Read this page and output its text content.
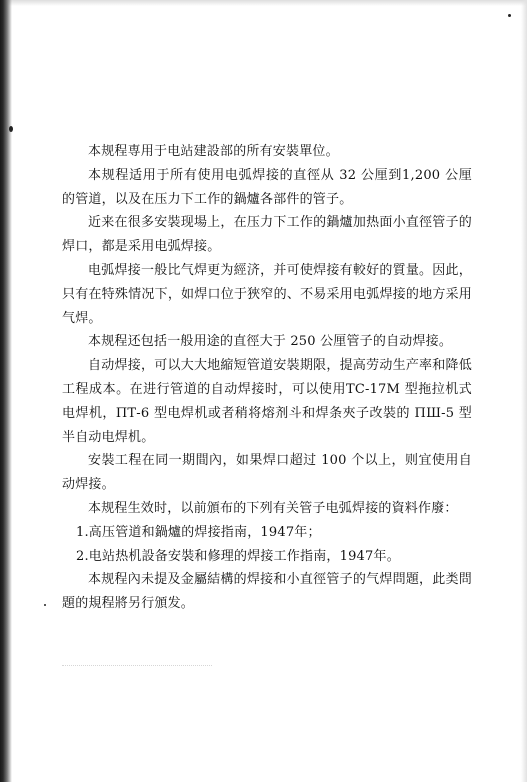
本规程専用于电站建設部的所有安裝單位。

本规程适用于所有使用电弧焊接的直徑从 32 公厘到1,200 公厘的管道，以及在压力下工作的鍋爐各部件的管子。

近来在很多安裝现場上，在压力下工作的鍋爐加热面小直徑管子的焊口，都是采用电弧焊接。

电弧焊接一般比气焊更为經济，并可使焊接有較好的質量。因此，只有在特殊情况下，如焊口位于狹窄的、不易采用电弧焊接的地方采用气焊。

本规程还包括一般用途的直徑大于 250 公厘管子的自动焊接。

自动焊接，可以大大地縮短管道安裝期限，提高劳动生产率和降低工程成本。在进行管道的自动焊接时，可以使用TC-17M 型拖拉机式电焊机，ПТ-6 型电焊机或者稍将熔剂斗和焊条夾子改裝的 ПШ-5 型半自动电焊机。

安裝工程在同一期間內，如果焊口超过 100 个以上，则宜使用自动焊接。

本规程生效时，以前頒布的下列有关管子电弧焊接的資料作廢：

1.高压管道和鍋爐的焊接指南，1947年；

2.电站热机設备安裝和修理的焊接工作指南，1947年。

本规程內未提及金屬結構的焊接和小直徑管子的气焊問題，此类問題的規程將另行頒发。
